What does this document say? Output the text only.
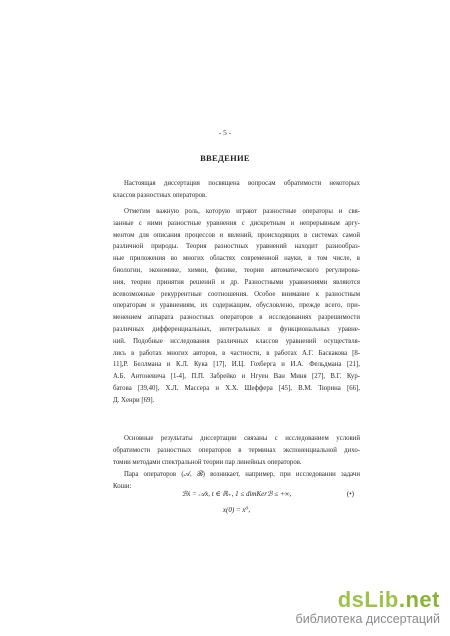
- 5 -
ВВЕДЕНИЕ
Настоящая диссертация посвящена вопросам обратимости некоторых
классов разностных операторов.
Отметим важную роль, которую играют разностные операторы и свя-
занные с ними разностные уравнения с дискретным и непрерывным аргу-
ментом для описания процессов и явлений, происходящих в системах самой
различной природы. Теория разностных уравнений находит разнообраз-
ные приложения во многих областях современной науки, в том числе, в
биологии, экономике, химии, физике, теории автоматического регулирова-
ния, теории принятия решений и др. Разностными уравнениями являются
всевозможные рекуррентные соотношения. Особое внимание к разностным
операторам и уравнениям, их содержащим, обусловлено, прежде всего, при-
менением аппарата разностных операторов в исследованиях разрешимости
различных дифференциальных, интегральных и функциональных уравне-
ний. Подобные исследования различных классов уравнений осуществля-
лись в работах многих авторов, в частности, в работах А.Г. Баскакова [8-
11],Р. Беллмана и К.Л. Кука [17], И.Ц. Гохберга и И.А. Фельдмана [21],
А.Б. Антоневича [1-4], П.П. Забрейко и Нгуен Ван Миня [27], В.Г. Кур-
батова [39,40], Х.Л. Массера и Х.Х. Шеффера [45], В.М. Тюрина [66],
Д. Хенри [69].
Основные результаты диссертации связаны с исследованием условий
обратимости разностных операторов в терминах экспоненциальной дихо-
томии методами спектральной теории пар линейных операторов.
Пара операторов (𝒜, ℬ) возникает, например, при исследовании задачи
Коши:
ℬẋ = 𝒜x, t ∈ ℝ₊, 1 ≤ dimKerℬ ≤ +∞,	(•)
x(0) = x⁰,
dsLib.net
библиотека диссертаций
